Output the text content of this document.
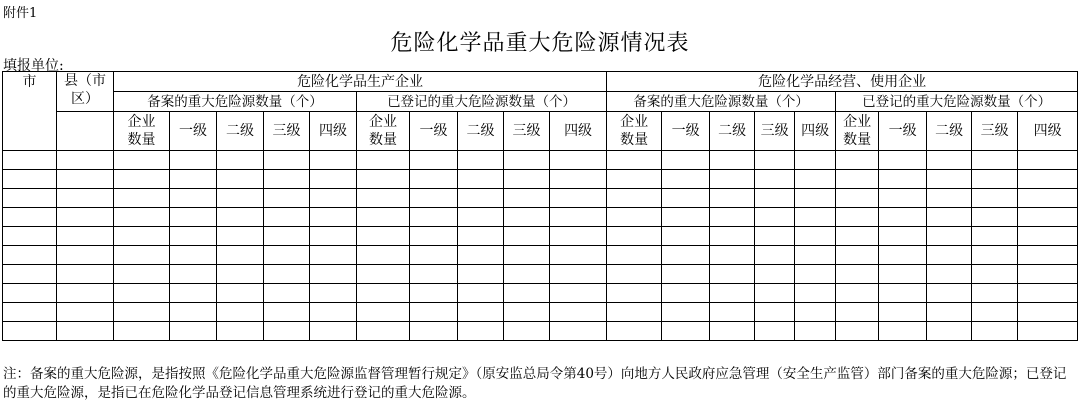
附件1
危险化学品重大危险源情况表
填报单位:
市	县（市区）	危险化学品生产企业										危险化学品经营、使用企业									
		备案的重大危险源数量（个）					已登记的重大危险源数量（个）					备案的重大危险源数量（个）					已登记的重大危险源数量（个）				

		企业数量	一级	二级	三级	四级	企业数量	一级	二级	三级	四级	企业数量	一级	二级	三级	四级	企业数量	一级	二级	三级	四级

注：备案的重大危险源，是指按照《危险化学品重大危险源监督管理暂行规定》（原安监总局令第40号）向地方人民政府应急管理（安全生产监管）部门备案的重大危险源；已登记的重大危险源，是指已在危险化学品登记信息管理系统进行登记的重大危险源。
